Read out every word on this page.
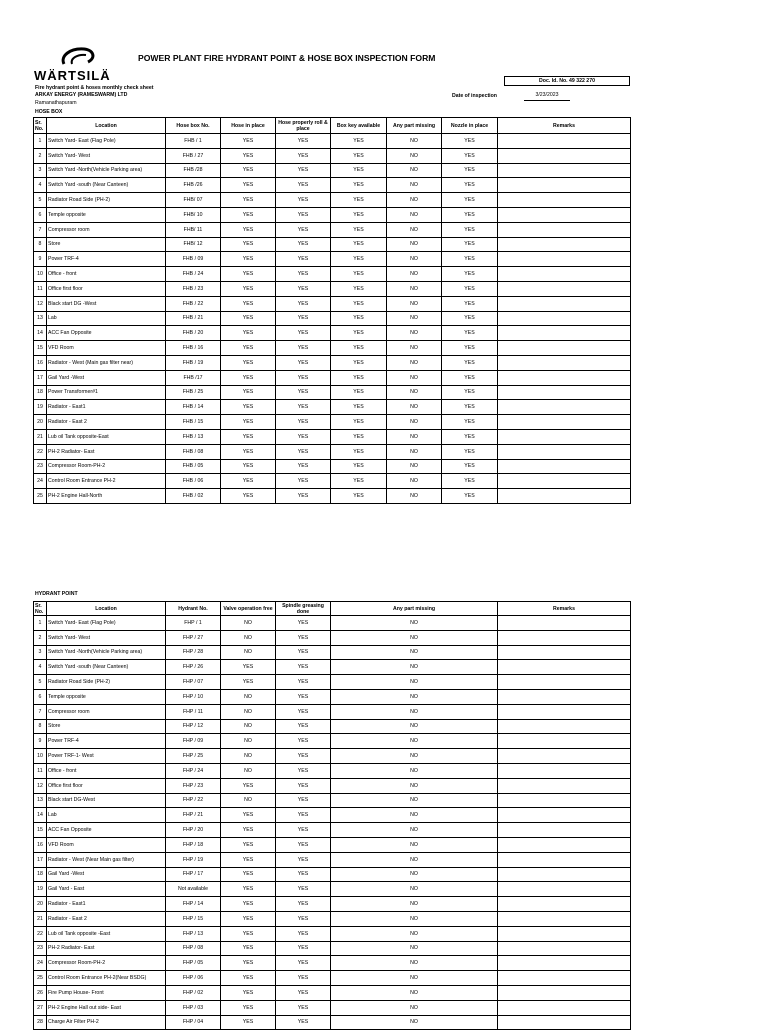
WÄRTSILÄ
POWER PLANT FIRE HYDRANT POINT & HOSE BOX INSPECTION FORM
Doc. Id. No. 49 322 270
Fire hydrant point & hoses monthly check sheet
ARKAY ENERGY (RAMESWARM) LTD
Ramanathapuram
HOSE BOX
Date of inspection	3/23/2023
Sr. No.	Location	Hose box No.	Hose in place	Hose properly roll & place	Box key available	Any part missing	Nozzle in place	Remarks
1	Switch Yard- East (Flag Pole)	FHB / 1	YES	YES	YES	NO	YES	
2	Switch Yard- West	FHB / 27	YES	YES	YES	NO	YES	
3	Switch Yard -North(Vehicle Parking area)	FHB /28	YES	YES	YES	NO	YES	
4	Switch Yard -south (Near Canteen)	FHB /26	YES	YES	YES	NO	YES	
5	Radiator Road Side (PH-2)	FHB/ 07	YES	YES	YES	NO	YES	
6	Temple opposite	FHB/ 10	YES	YES	YES	NO	YES	
7	Compressor room	FHB/ 11	YES	YES	YES	NO	YES	
8	Store	FHB/ 12	YES	YES	YES	NO	YES	
9	Power TRF-4	FHB / 09	YES	YES	YES	NO	YES	
10	Office - front	FHB / 24	YES	YES	YES	NO	YES	
11	Office first floor	FHB / 23	YES	YES	YES	NO	YES	
12	Black start DG -West	FHB / 22	YES	YES	YES	NO	YES	
13	Lab	FHB / 21	YES	YES	YES	NO	YES	
14	ACC Fan Opposite	FHB / 20	YES	YES	YES	NO	YES	
15	VFD Room	FHB / 16	YES	YES	YES	NO	YES	
16	Radiator - West (Main gas filter near)	FHB / 19	YES	YES	YES	NO	YES	
17	Gail Yard -West	FHB /17	YES	YES	YES	NO	YES	
18	Power Transformer#1	FHB / 25	YES	YES	YES	NO	YES	
19	Radiator - East1	FHB / 14	YES	YES	YES	NO	YES	
20	Radiator - East 2	FHB / 15	YES	YES	YES	NO	YES	
21	Lub oil Tank opposite-East	FHB / 13	YES	YES	YES	NO	YES	
22	PH-2 Radiator- East	FHB / 08	YES	YES	YES	NO	YES	
23	Compressor Room-PH-2	FHB / 05	YES	YES	YES	NO	YES	
24	Control Room Entrance PH-2	FHB / 06	YES	YES	YES	NO	YES	
25	PH-2 Engine Hall-North	FHB / 02	YES	YES	YES	NO	YES	
HYDRANT POINT
Sr. No.	Location	Hydrant No.	Valve operation free	Spindle greasing done	Any part missing	Remarks
1	Switch Yard- East (Flag Pole)	FHP / 1	NO	YES	NO	
2	Switch Yard- West	FHP / 27	NO	YES	NO	
3	Switch Yard -North(Vehicle Parking area)	FHP / 28	NO	YES	NO	
4	Switch Yard -south (Near Canteen)	FHP / 26	YES	YES	NO	
5	Radiator Road Side (PH-2)	FHP / 07	YES	YES	NO	
6	Temple opposite	FHP / 10	NO	YES	NO	
7	Compressor room	FHP / 11	NO	YES	NO	
8	Store	FHP / 12	NO	YES	NO	
9	Power TRF-4	FHP / 09	NO	YES	NO	
10	Power TRF-1- West	FHP / 25	NO	YES	NO	
11	Office - front	FHP / 24	NO	YES	NO	
12	Office first floor	FHP / 23	YES	YES	NO	
13	Black start DG-West	FHP / 22	NO	YES	NO	
14	Lab	FHP / 21	YES	YES	NO	
15	ACC Fan Opposite	FHP / 20	YES	YES	NO	
16	VFD Room	FHP / 18	YES	YES	NO	
17	Radiator - West (Near Main gas filter)	FHP / 19	YES	YES	NO	
18	Gail Yard -West	FHP / 17	YES	YES	NO	
19	Gail Yard - East	Not available	YES	YES	NO	
20	Radiator - East1	FHP / 14	YES	YES	NO	
21	Radiator - East 2	FHP / 15	YES	YES	NO	
22	Lub oil Tank opposite -East	FHP / 13	YES	YES	NO	
23	PH-2 Radiator- East	FHP / 08	YES	YES	NO	
24	Compressor Room-PH-2	FHP / 05	YES	YES	NO	
25	Control Room Entrance PH-2(Near BSDG)	FHP / 06	YES	YES	NO	
26	Fire Pump House- Front	FHP / 02	YES	YES	NO	
27	PH-2 Engine Hall out side- East	FHP / 03	YES	YES	NO	
28	Charge Air Filter PH-2	FHP / 04	YES	YES	NO	
